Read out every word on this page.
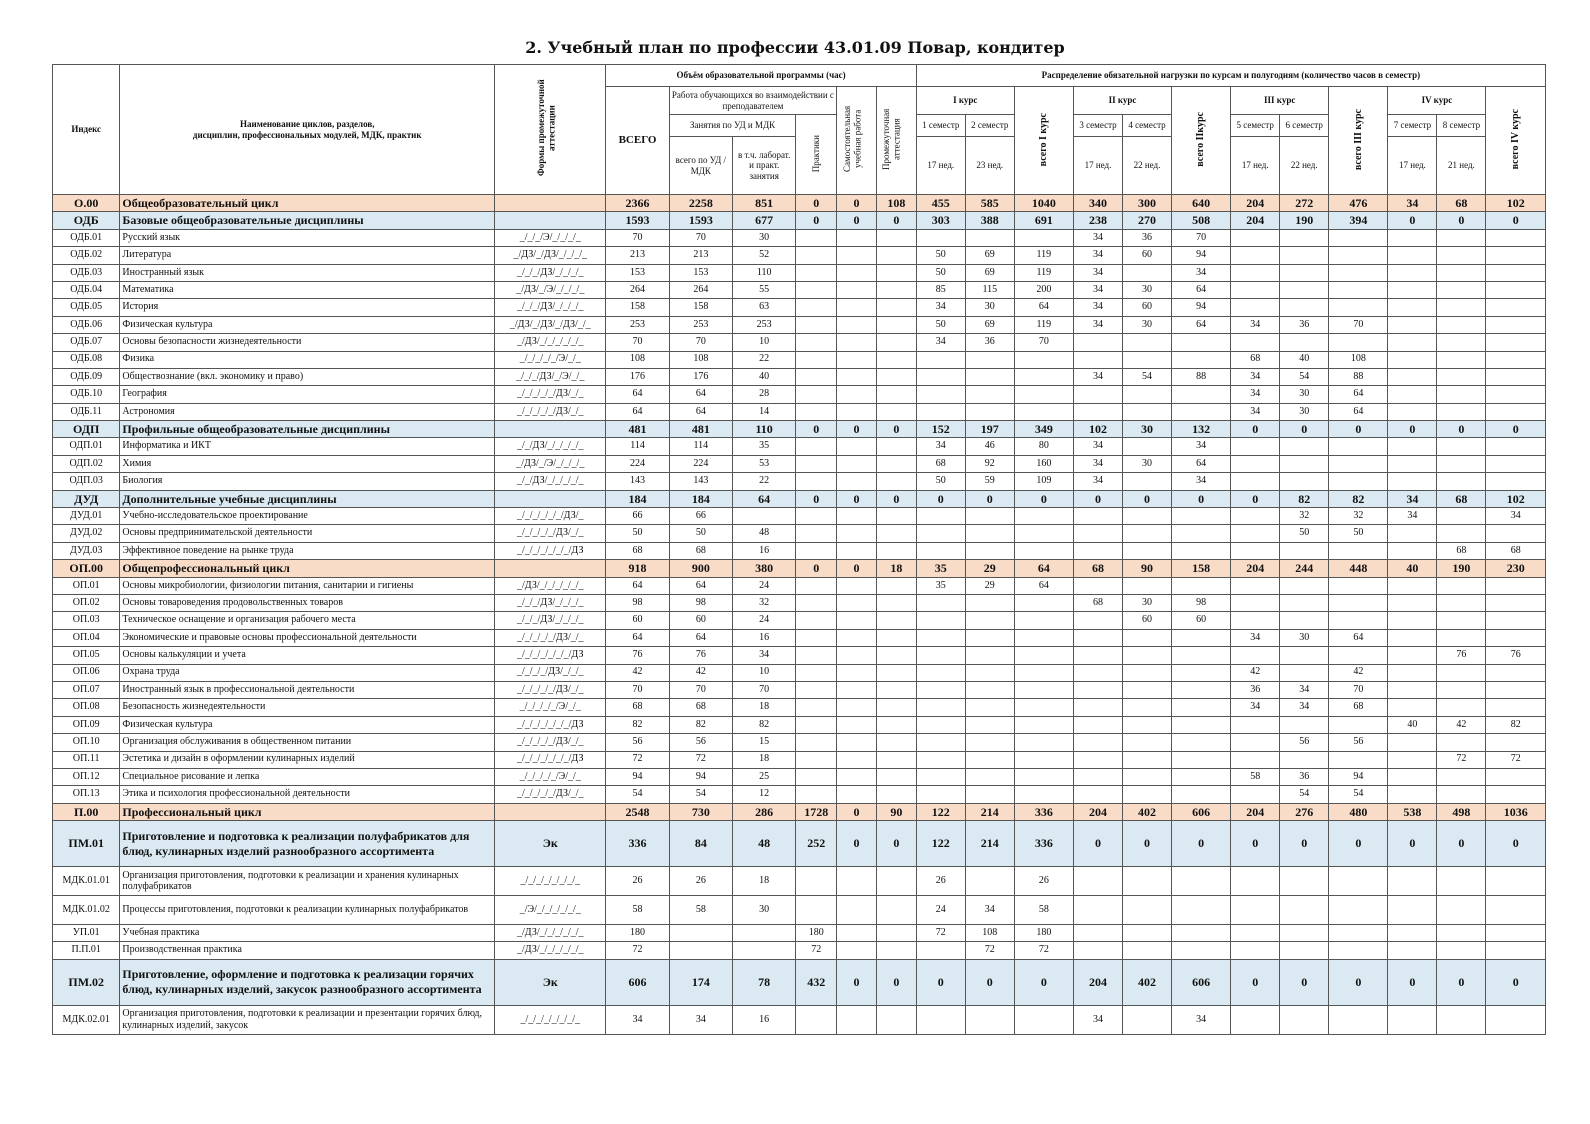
2. Учебный план по профессии 43.01.09 Повар, кондитер
Индекс	Наименование циклов, разделов,
дисциплин, профессиональных модулей, МДК, практик	Формы промежуточной аттестации	Объём образовательной программы (час)						Распределение обязательной нагрузки по курсам и полугодиям (количество часов в семестр)											
			ВСЕГО	Работа обучающихся во взаимодействии с преподавателем			Самостоятельная учебная работа	Промежуточная аттестация	I курс		всего I курс	II курс		всего IIкурс	III курс		всего III курс	IV курс		всего IV курс
				Занятия по УД и МДК		Практики														
									1 семестр	2 семестр		3 семестр	4 семестр		5 семестр	6 семестр		7 семестр	8 семестр	
				всего по УД / МДК	в т.ч. лаборат. и практ. занятия				17 нед.	23 нед.		17 нед.	22 нед.		17 нед.	22 нед.		17 нед.	21 нед.	
О.00	Общеобразовательный цикл		2366	2258	851	0	0	108	455	585	1040	340	300	640	204	272	476	34	68	102
ОДБ	Базовые общеобразовательные дисциплины		1593	1593	677	0	0	0	303	388	691	238	270	508	204	190	394	0	0	0
ОДБ.01	Русский язык	_/_/_/Э/_/_/_/_	70	70	30							34	36	70						
ОДБ.02	Литература	_/ДЗ/_/ДЗ/_/_/_/_	213	213	52				50	69	119	34	60	94						
ОДБ.03	Иностранный язык	_/_/_/ДЗ/_/_/_/_	153	153	110				50	69	119	34		34						
ОДБ.04	Математика	_/ДЗ/_/Э/_/_/_/_	264	264	55				85	115	200	34	30	64						
ОДБ.05	История	_/_/_/ДЗ/_/_/_/_	158	158	63				34	30	64	34	60	94						
ОДБ.06	Физическая культура	_/ДЗ/_/ДЗ/_/ДЗ/_/_	253	253	253				50	69	119	34	30	64	34	36	70			
ОДБ.07	Основы безопасности жизнедеятельности	_/ДЗ/_/_/_/_/_/_	70	70	10				34	36	70									
ОДБ.08	Физика	_/_/_/_/_/Э/_/_	108	108	22										68	40	108			
ОДБ.09	Обществознание (вкл. экономику и право)	_/_/_/ДЗ/_/Э/_/_	176	176	40							34	54	88	34	54	88			
ОДБ.10	География	_/_/_/_/_/ДЗ/_/_	64	64	28										34	30	64			
ОДБ.11	Астрономия	_/_/_/_/_/ДЗ/_/_	64	64	14										34	30	64			
ОДП	Профильные общеобразовательные дисциплины		481	481	110	0	0	0	152	197	349	102	30	132	0	0	0	0	0	0
ОДП.01	Информатика и ИКТ	_/_/ДЗ/_/_/_/_/_	114	114	35				34	46	80	34		34						
ОДП.02	Химия	_/ДЗ/_/Э/_/_/_/_	224	224	53				68	92	160	34	30	64						
ОДП.03	Биология	_/_/ДЗ/_/_/_/_/_	143	143	22				50	59	109	34		34						
ДУД	Дополнительные учебные дисциплины		184	184	64	0	0	0	0	0	0	0	0	0	0	82	82	34	68	102
ДУД.01	Учебно-исследовательское проектирование	_/_/_/_/_/_/ДЗ/_	66	66												32	32	34		34
ДУД.02	Основы предпринимательской деятельности	_/_/_/_/_/ДЗ/_/_	50	50	48											50	50			
ДУД.03	Эффективное поведение на рынке труда	_/_/_/_/_/_/_/ДЗ	68	68	16														68	68
ОП.00	Общепрофессиональный цикл		918	900	380	0	0	18	35	29	64	68	90	158	204	244	448	40	190	230
ОП.01	Основы микробиологии, физиологии питания, санитарии и гигиены	_/ДЗ/_/_/_/_/_/_	64	64	24				35	29	64									
ОП.02	Основы товароведения продовольственных товаров	_/_/_/ДЗ/_/_/_/_	98	98	32							68	30	98						
ОП.03	Техническое оснащение и организация рабочего места	_/_/_/ДЗ/_/_/_/_	60	60	24								60	60						
ОП.04	Экономические и правовые основы профессиональной деятельности	_/_/_/_/_/ДЗ/_/_	64	64	16										34	30	64			
ОП.05	Основы калькуляции и учета	_/_/_/_/_/_/_/ДЗ	76	76	34														76	76
ОП.06	Охрана труда	_/_/_/_/ДЗ/_/_/_	42	42	10										42		42			
ОП.07	Иностранный язык в профессиональной деятельности	_/_/_/_/_/ДЗ/_/_	70	70	70										36	34	70			
ОП.08	Безопасность жизнедеятельности	_/_/_/_/_/Э/_/_	68	68	18										34	34	68			
ОП.09	Физическая культура	_/_/_/_/_/_/_/ДЗ	82	82	82													40	42	82
ОП.10	Организация обслуживания в общественном питании	_/_/_/_/_/ДЗ/_/_	56	56	15											56	56			
ОП.11	Эстетика и дизайн в оформлении кулинарных изделий	_/_/_/_/_/_/_/ДЗ	72	72	18														72	72
ОП.12	Специальное рисование и лепка	_/_/_/_/_/Э/_/_	94	94	25										58	36	94			
ОП.13	Этика и психология профессиональной деятельности	_/_/_/_/_/ДЗ/_/_	54	54	12											54	54			
П.00	Профессиональный цикл		2548	730	286	1728	0	90	122	214	336	204	402	606	204	276	480	538	498	1036
ПМ.01	Приготовление и подготовка к реализации полуфабрикатов для блюд, кулинарных изделий разнообразного ассортимента	Эк	336	84	48	252	0	0	122	214	336	0	0	0	0	0	0	0	0	0
МДК.01.01	Организация приготовления, подготовки к реализации и хранения кулинарных полуфабрикатов	_/_/_/_/_/_/_/_	26	26	18				26		26									
МДК.01.02	Процессы приготовления, подготовки к реализации кулинарных полуфабрикатов	_/Э/_/_/_/_/_/_	58	58	30				24	34	58									
УП.01	Учебная практика	_/ДЗ/_/_/_/_/_/_	180			180			72	108	180									
П.П.01	Производственная практика	_/ДЗ/_/_/_/_/_/_	72			72				72	72									
ПМ.02	Приготовление, оформление и подготовка к реализации горячих блюд, кулинарных изделий, закусок разнообразного ассортимента	Эк	606	174	78	432	0	0	0	0	0	204	402	606	0	0	0	0	0	0
МДК.02.01	Организация приготовления, подготовки к реализации и презентации горячих блюд, кулинарных изделий, закусок	_/_/_/_/_/_/_/_	34	34	16							34		34						
